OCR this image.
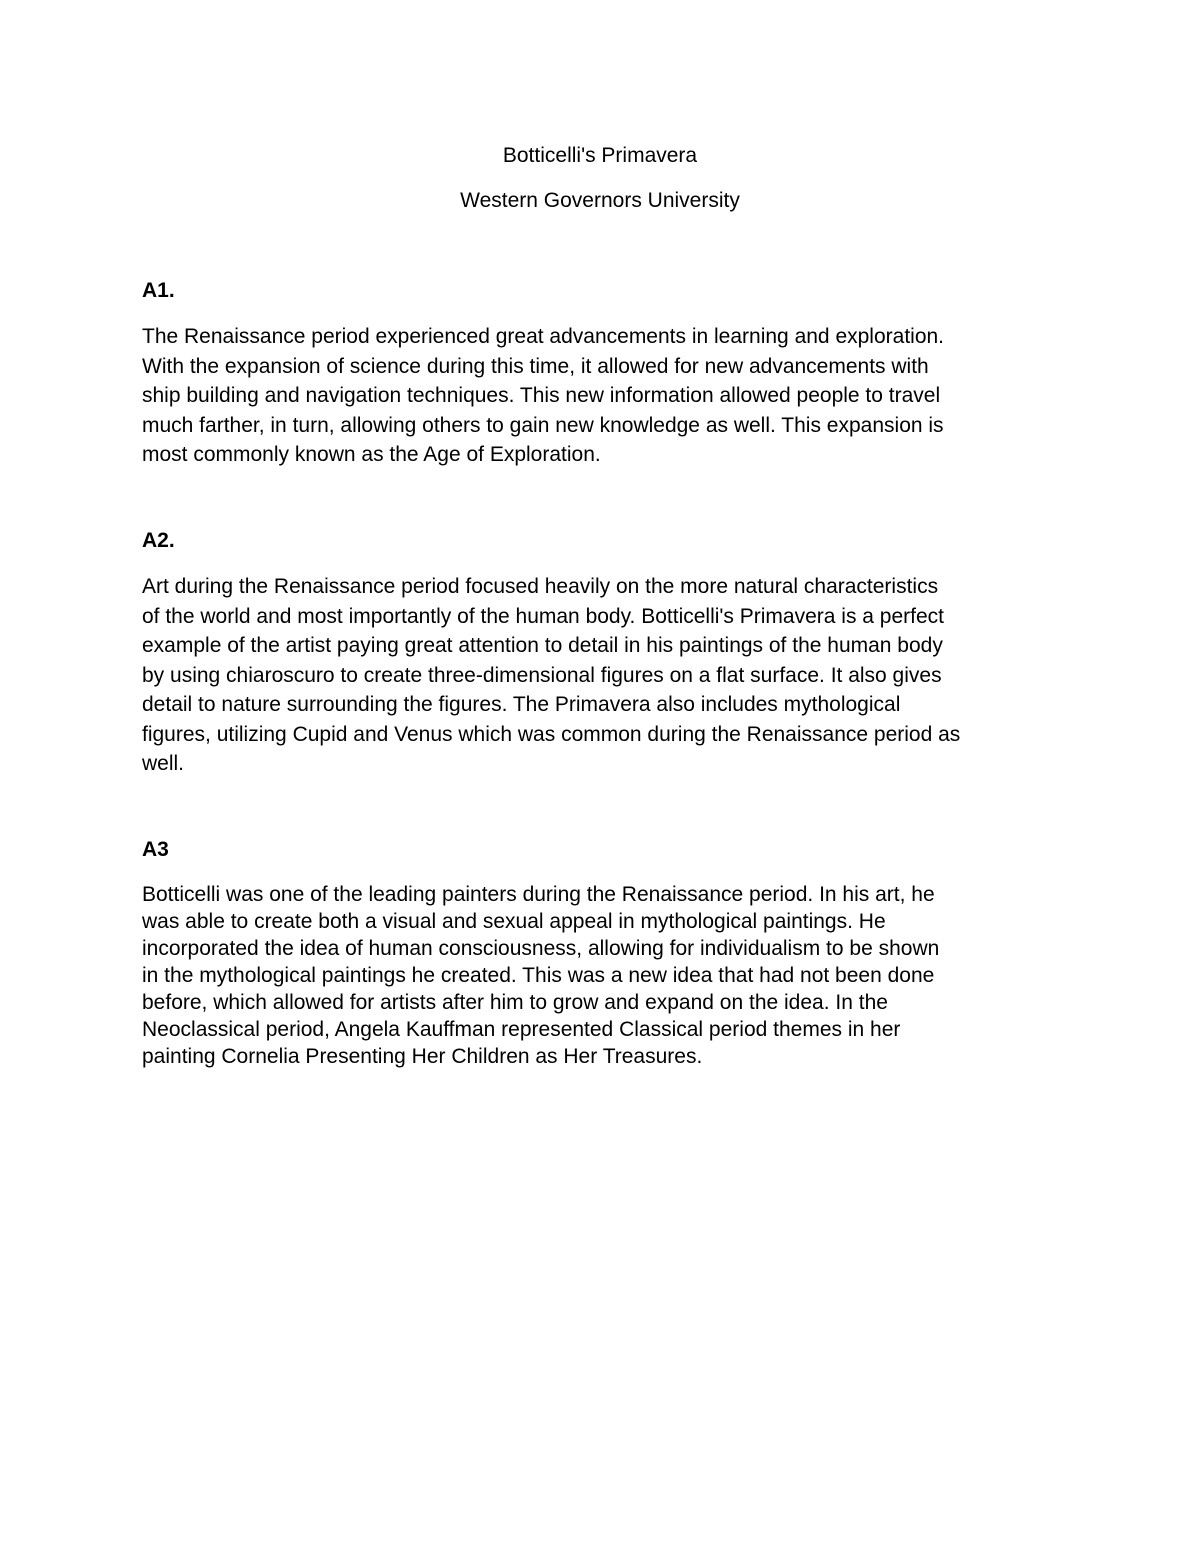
Botticelli's Primavera
Western Governors University
A1.

The Renaissance period experienced great advancements in learning and exploration.
With the expansion of science during this time, it allowed for new advancements with
ship building and navigation techniques. This new information allowed people to travel
much farther, in turn, allowing others to gain new knowledge as well. This expansion is
most commonly known as the Age of Exploration.

A2.

Art during the Renaissance period focused heavily on the more natural characteristics
of the world and most importantly of the human body. Botticelli's Primavera is a perfect
example of the artist paying great attention to detail in his paintings of the human body
by using chiaroscuro to create three-dimensional figures on a flat surface. It also gives
detail to nature surrounding the figures. The Primavera also includes mythological
figures, utilizing Cupid and Venus which was common during the Renaissance period as
well.

A3

Botticelli was one of the leading painters during the Renaissance period. In his art, he
was able to create both a visual and sexual appeal in mythological paintings. He
incorporated the idea of human consciousness, allowing for individualism to be shown
in the mythological paintings he created. This was a new idea that had not been done
before, which allowed for artists after him to grow and expand on the idea. In the
Neoclassical period, Angela Kauffman represented Classical period themes in her
painting Cornelia Presenting Her Children as Her Treasures.
